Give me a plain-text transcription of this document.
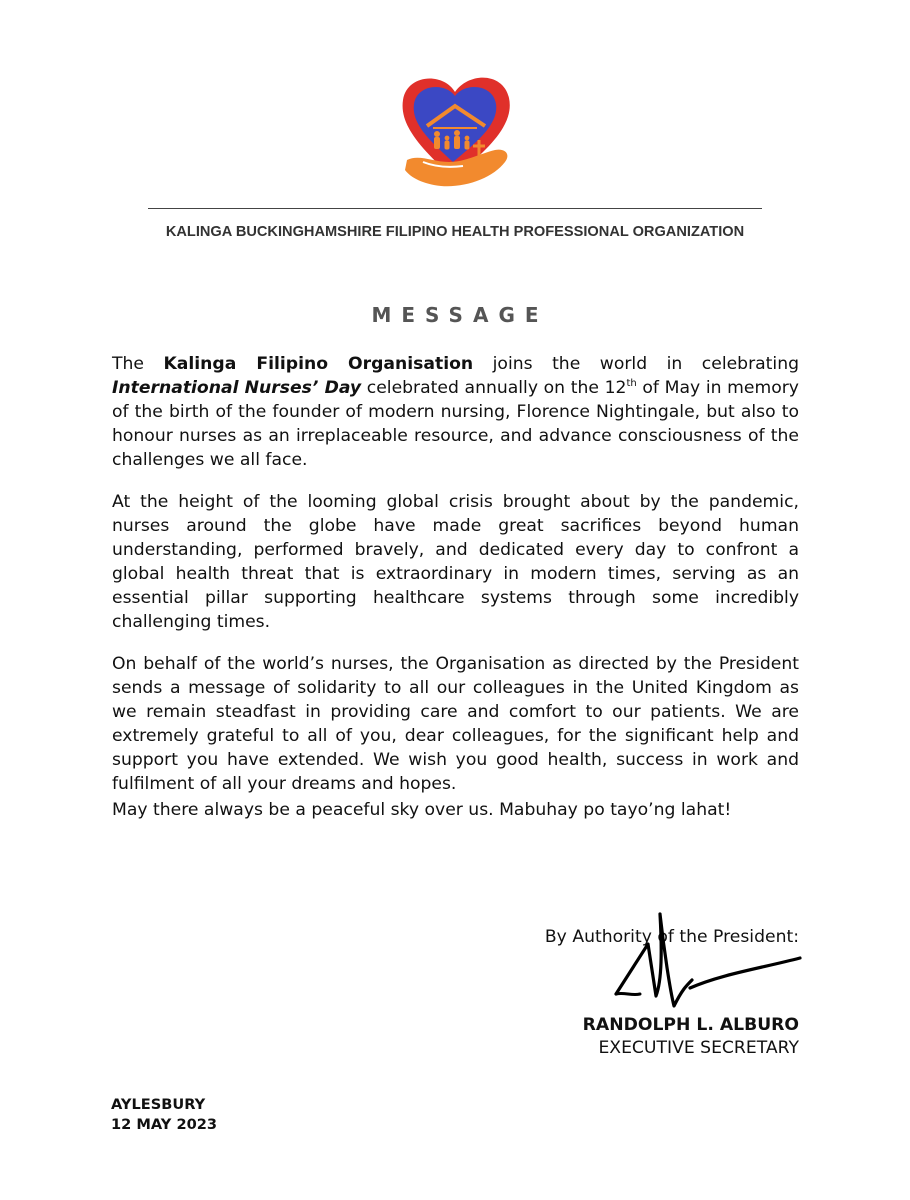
KALINGA BUCKINGHAMSHIRE FILIPINO HEALTH PROFESSIONAL ORGANIZATION
MESSAGE

The Kalinga Filipino Organisation joins the world in celebrating International Nurses’ Day celebrated annually on the 12th of May in memory of the birth of the founder of modern nursing, Florence Nightingale, but also to honour nurses as an irreplaceable resource, and advance consciousness of the challenges we all face.

At the height of the looming global crisis brought about by the pandemic, nurses around the globe have made great sacrifices beyond human understanding, performed bravely, and dedicated every day to confront a global health threat that is extraordinary in modern times, serving as an essential pillar supporting healthcare systems through some incredibly challenging times.

On behalf of the world’s nurses, the Organisation as directed by the President sends a message of solidarity to all our colleagues in the United Kingdom as we remain steadfast in providing care and comfort to our patients. We are extremely grateful to all of you, dear colleagues, for the significant help and support you have extended. We wish you good health, success in work and fulfilment of all your dreams and hopes.

May there always be a peaceful sky over us. Mabuhay po tayo’ng lahat!

By Authority of the President:
RANDOLPH L. ALBURO
EXECUTIVE SECRETARY
AYLESBURY
12 MAY 2023
